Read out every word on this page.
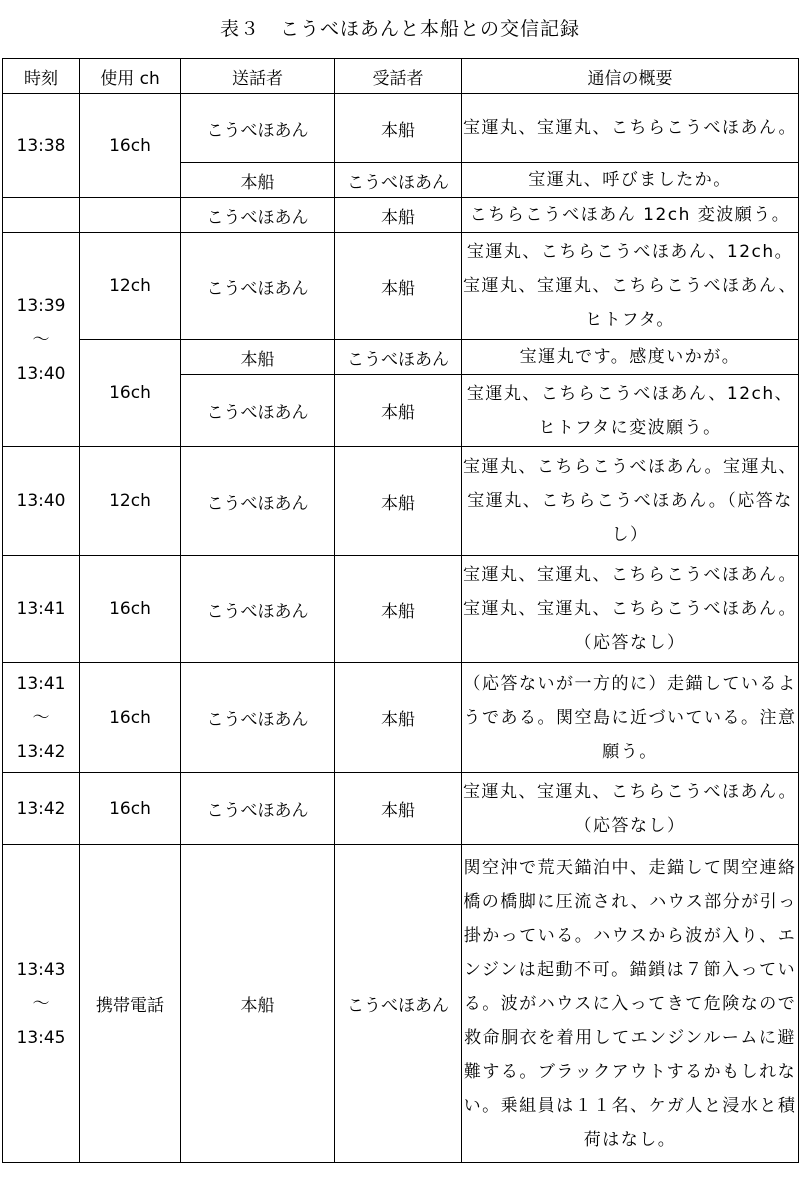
表３　こうべほあんと本船との交信記録
時刻	使用 ch	送話者	受話者	通信の概要

13:38	16ch	こうべほあん	本船	宝運丸、宝運丸、こちらこうべほあん。
		本船	こうべほあん	宝運丸、呼びましたか。
		こうべほあん	本船	こちらこうべほあん 12ch 変波願う。

13:39
～
13:40	12ch	こうべほあん	本船	宝運丸、こちらこうべほあん、12ch。宝運丸、宝運丸、こちらこうべほあん、ヒトフタ。
	16ch	本船	こうべほあん	宝運丸です。感度いかが。
		こうべほあん	本船	宝運丸、こちらこうべほあん、12ch、ヒトフタに変波願う。

13:40	12ch	こうべほあん	本船	宝運丸、こちらこうべほあん。宝運丸、宝運丸、こちらこうべほあん。（応答なし）

13:41	16ch	こうべほあん	本船	宝運丸、宝運丸、こちらこうべほあん。宝運丸、宝運丸、こちらこうべほあん。（応答なし）

13:41
～
13:42	16ch	こうべほあん	本船	（応答ないが一方的に）走錨しているようである。関空島に近づいている。注意願う。

13:42	16ch	こうべほあん	本船	宝運丸、宝運丸、こちらこうべほあん。（応答なし）

13:43
～
13:45	携帯電話	本船	こうべほあん	関空沖で荒天錨泊中、走錨して関空連絡橋の橋脚に圧流され、ハウス部分が引っ掛かっている。ハウスから波が入り、エンジンは起動不可。錨鎖は７節入っている。波がハウスに入ってきて危険なので救命胴衣を着用してエンジンルームに避難する。ブラックアウトするかもしれない。乗組員は１１名、ケガ人と浸水と積荷はなし。
